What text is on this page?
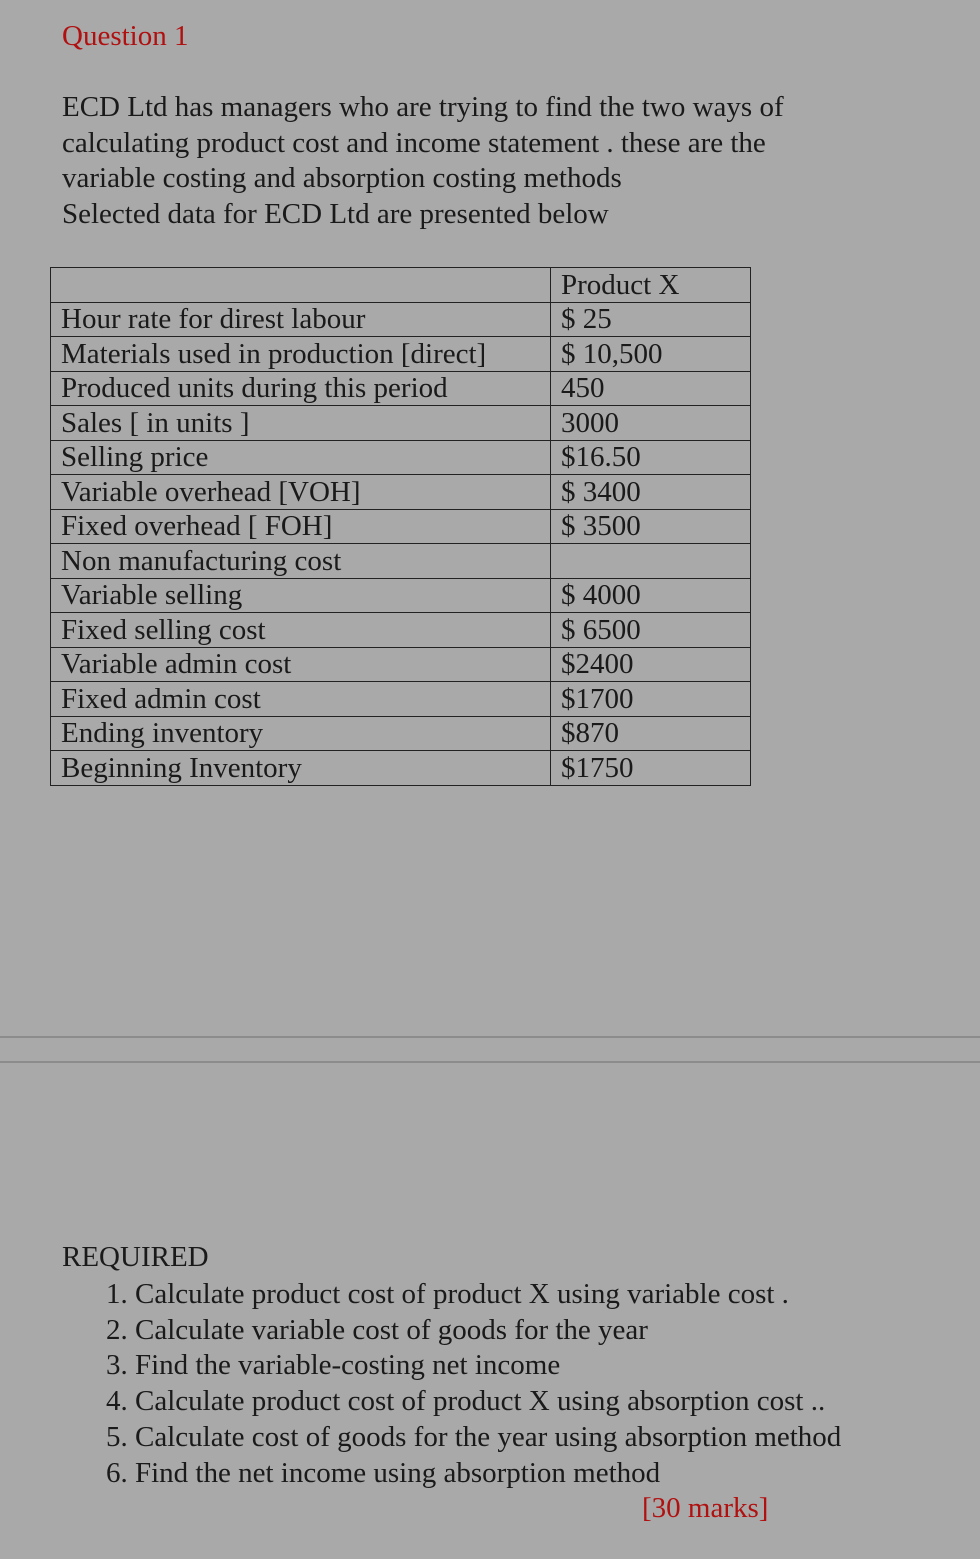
Question 1
ECD Ltd has managers who are trying to find the two ways of
calculating product cost and income statement . these are the
variable costing and absorption costing methods
Selected data for ECD Ltd are presented below
	Product X
Hour rate for direst labour	$ 25
Materials used in production [direct]	$ 10,500
Produced units during this period	450
Sales [ in units ]	3000
Selling price	$16.50
Variable overhead [VOH]	$ 3400
Fixed overhead [ FOH]	$ 3500
Non manufacturing cost	
Variable selling	$ 4000
Fixed selling cost	$ 6500
Variable admin cost	$2400
Fixed admin cost	$1700
Ending inventory	$870
Beginning Inventory	$1750
REQUIRED
1. Calculate product cost of product X using variable cost .
2. Calculate variable cost of goods for the year
3. Find the variable-costing net income
4. Calculate product cost of product X using absorption cost ..
5. Calculate cost of goods for the year using absorption method
6. Find the net income using absorption method
[30 marks]
